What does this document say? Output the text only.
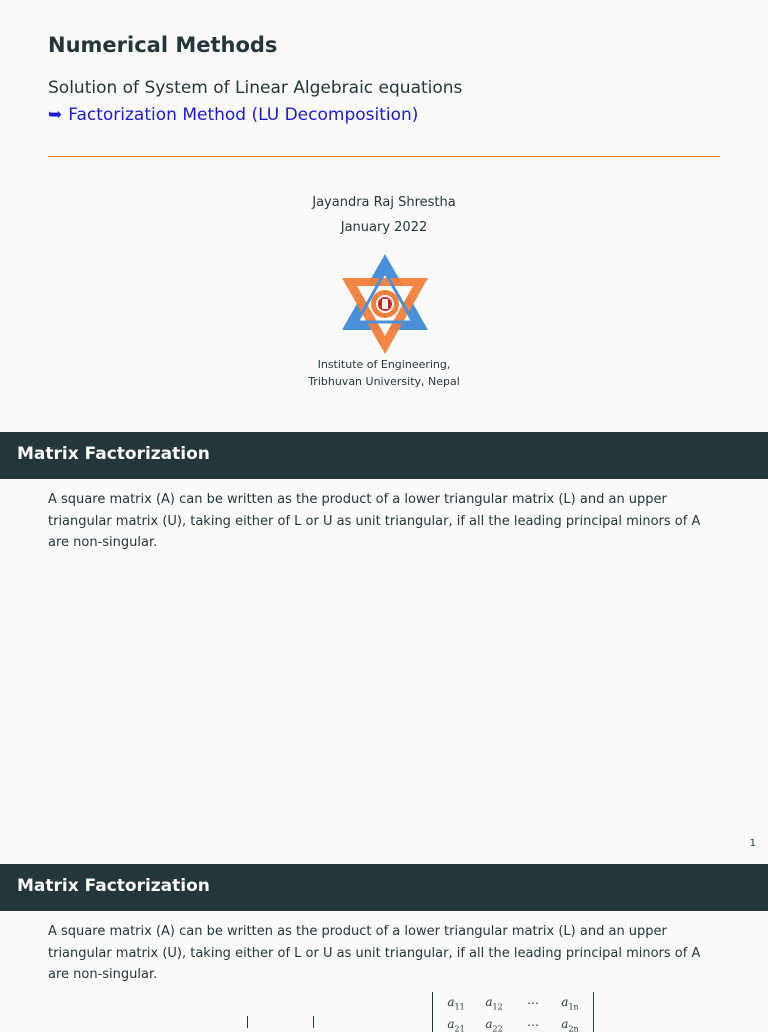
Numerical Methods
Solution of System of Linear Algebraic equations
➥ Factorization Method (LU Decomposition)
Jayandra Raj Shrestha
January 2022
Institute of Engineering,
Tribhuvan University, Nepal
Matrix Factorization
A square matrix (A) can be written as the product of a lower triangular matrix (L) and an upper triangular matrix (U), taking either of L or U as unit triangular, if all the leading principal minors of A are non-singular.
1
Matrix Factorization
A square matrix (A) can be written as the product of a lower triangular matrix (L) and an upper triangular matrix (U), taking either of L or U as unit triangular, if all the leading principal minors of A are non-singular.
$a_{11}$	$a_{12}$	⋯	$a_{1n}$
$a_{21}$	$a_{22}$	⋯	$a_{2n}$
